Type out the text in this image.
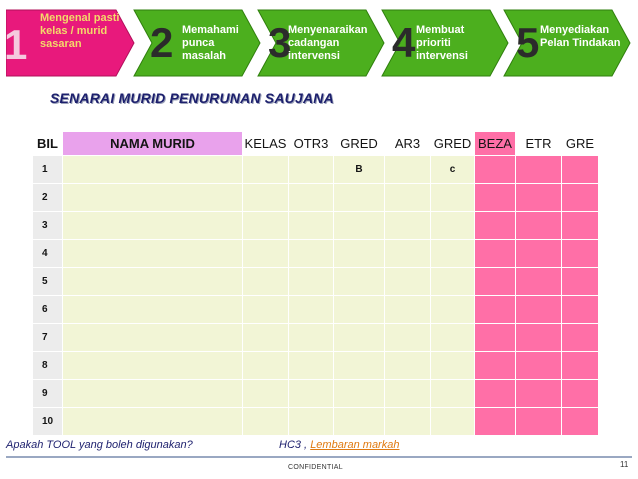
1
Mengenal pasti kelas / murid sasaran	2 Memahami punca masalah 3
Menyenaraikan cadangan intervensi	4 Membuat prioriti intervensi	5 Menyediakan Pelan Tindakan
SENARAI MURID PENURUNAN SAUJANA
BIL	NAMA MURID	KELAS	OTR3	GRED	AR3	GRED	BEZA	ETR	GRE
1				B		c			
2									
3									
4									
5									
6									
7									
8									
9									
10									
Apakah TOOL yang boleh digunakan?	HC3 , Lembaran markah
CONFIDENTIAL	11
